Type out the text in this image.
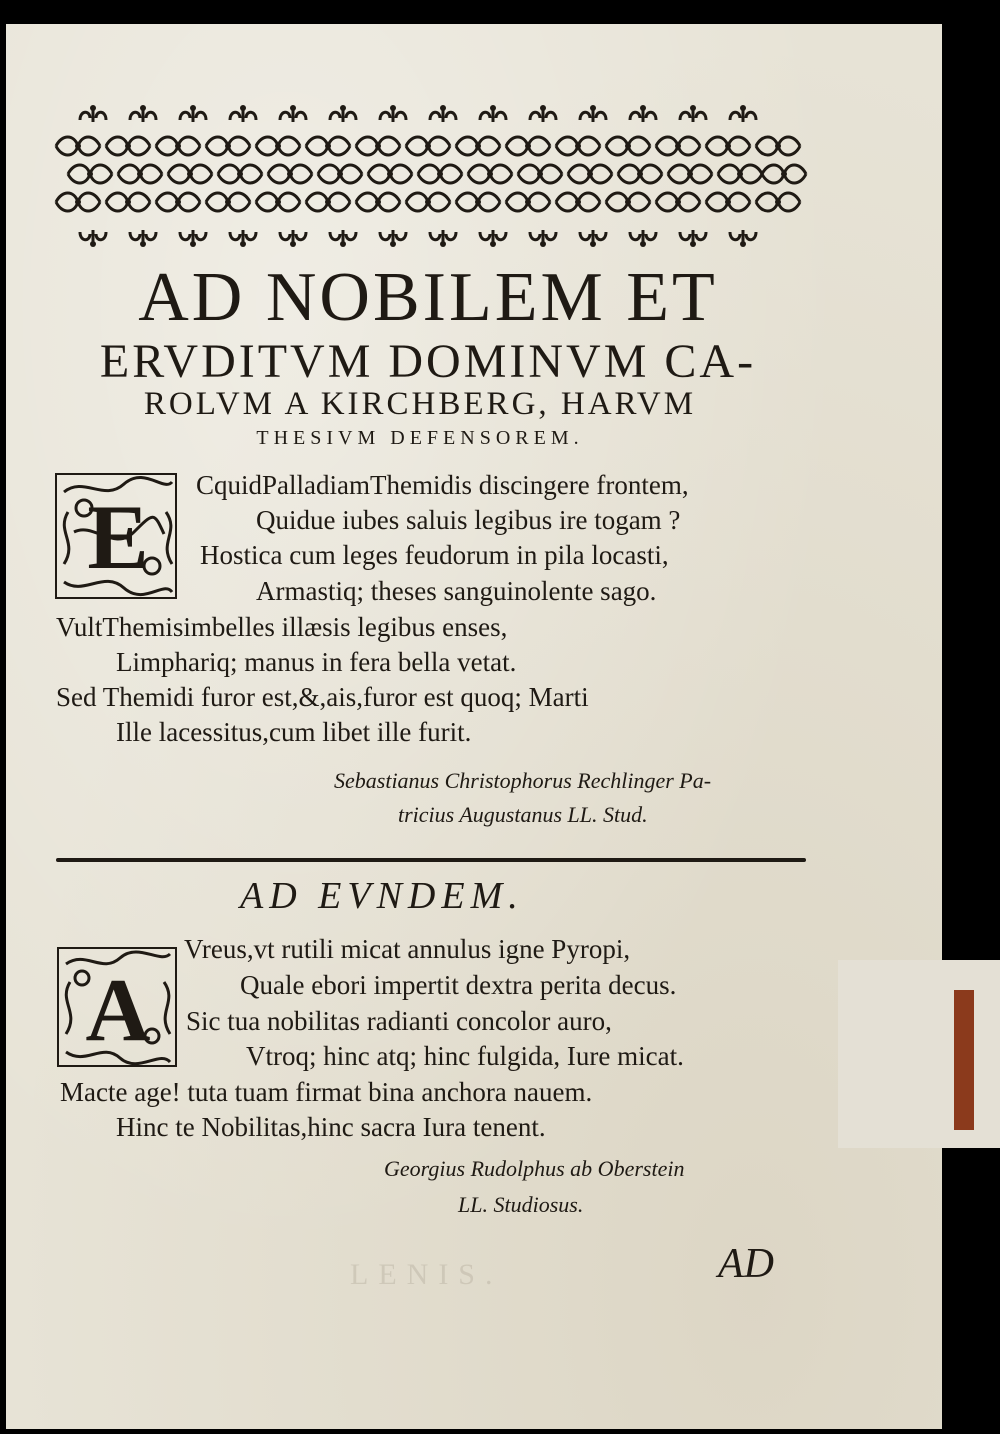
LENIS.
AD NOBILEM ET
ERVDITVM DOMINVM CA-
ROLVM A KIRCHBERG, HARVM
THESIVM DEFENSOREM.
E
CquidPalladiamThemidis discingere frontem,
Quidue iubes saluis legibus ire togam ?
Hostica cum leges feudorum in pila locasti,
Armastiq; theses sanguinolente sago.
VultThemisimbelles illæsis legibus enses,
Limphariq; manus in fera bella vetat.
Sed Themidi furor est,&,ais,furor est quoq; Marti
Ille lacessitus,cum libet ille furit.
Sebastianus Christophorus Rechlinger Pa-
tricius Augustanus LL. Stud.
AD EVNDEM.
A
Vreus,vt rutili micat annulus igne Pyropi,
Quale ebori impertit dextra perita decus.
Sic tua nobilitas radianti concolor auro,
Vtroq; hinc atq; hinc fulgida, Iure micat.
Macte age! tuta tuam firmat bina anchora nauem.
Hinc te Nobilitas,hinc sacra Iura tenent.
Georgius Rudolphus ab Oberstein
LL. Studiosus.
AD
